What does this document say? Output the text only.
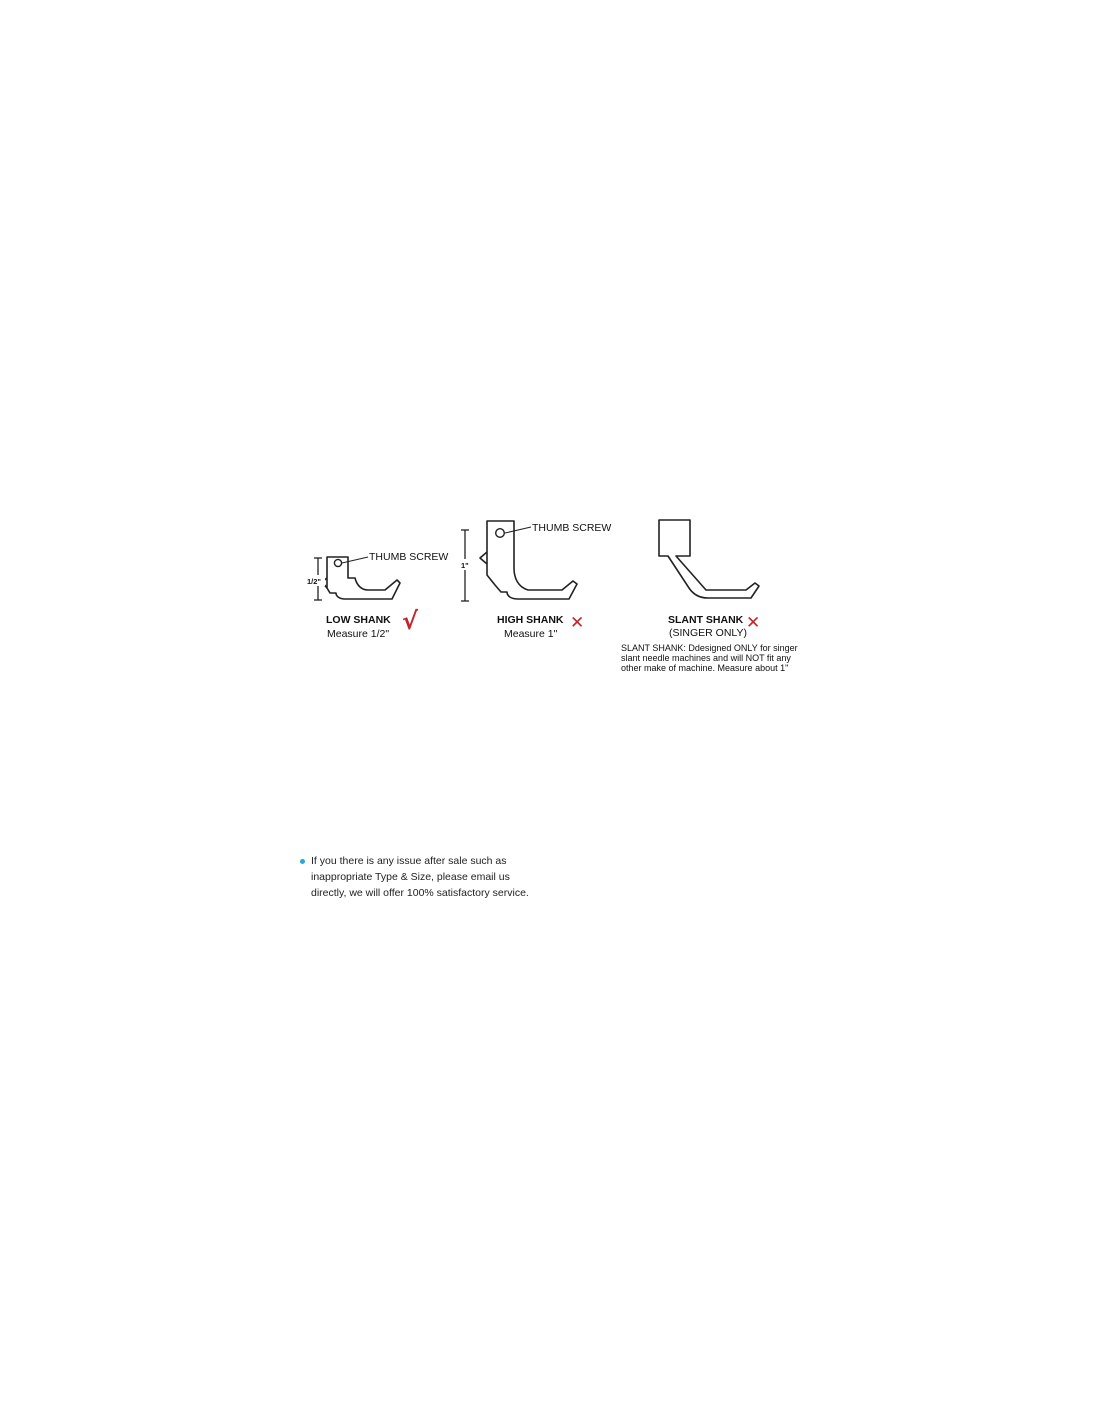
THUMB SCREW
1/2"
LOW SHANK
Measure 1/2" √
THUMB SCREW
1"
HIGH SHANK
Measure 1"
✕	SLANT SHANK
(SINGER ONLY) ✕
SLANT SHANK: Ddesigned ONLY for singer
slant needle machines and will NOT fit any
other make of machine. Measure about 1"
If you there is any issue after sale such as
inappropriate Type & Size, please email us
directly, we will offer 100% satisfactory service.
